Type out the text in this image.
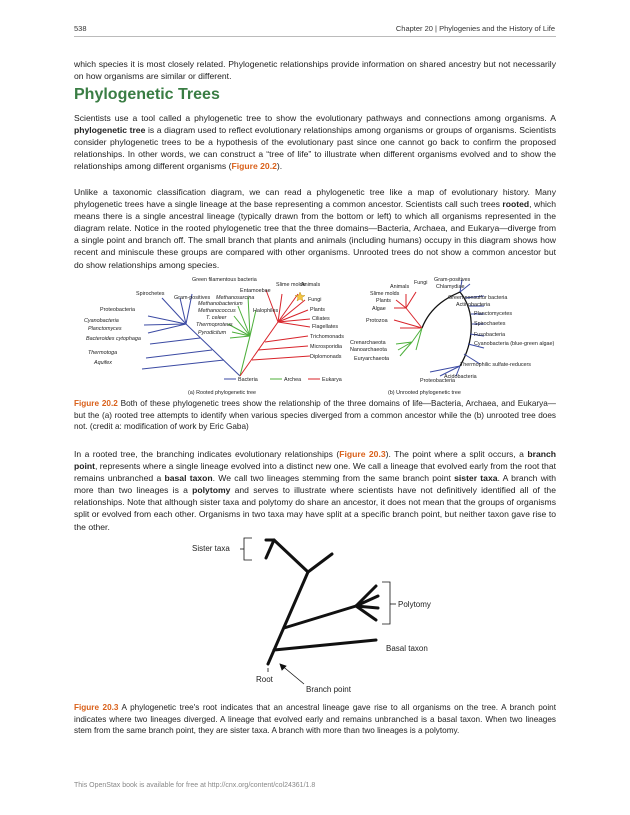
538	Chapter 20 | Phylogenies and the History of Life

which species it is most closely related. Phylogenetic relationships provide information on shared ancestry but not necessarily on how organisms are similar or different.

Phylogenetic Trees

Scientists use a tool called a phylogenetic tree to show the evolutionary pathways and connections among organisms. A phylogenetic tree is a diagram used to reflect evolutionary relationships among organisms or groups of organisms. Scientists consider phylogenetic trees to be a hypothesis of the evolutionary past since one cannot go back to confirm the proposed relationships. In other words, we can construct a “tree of life” to illustrate when different organisms evolved and to show the relationships among different organisms (Figure 20.2).

Unlike a taxonomic classification diagram, we can read a phylogenetic tree like a map of evolutionary history. Many phylogenetic trees have a single lineage at the base representing a common ancestor. Scientists call such trees rooted, which means there is a single ancestral lineage (typically drawn from the bottom or left) to which all organisms represented in the diagram relate. Notice in the rooted phylogenetic tree that the three domains—Bacteria, Archaea, and Eukarya—diverge from a single point and branch off. The small branch that plants and animals (including humans) occupy in this diagram shows how recent and miniscule these groups are compared with other organisms. Unrooted trees do not show a common ancestor but do show relationships among species.

Spirochetes
Green filamentous bacteria
Gram-positives
Proteobacteria
Cyanobacteria
Planctomyces
Bacteroides cytophaga
Thermotoga
Aquifex
Methanosarcina
Methanobacterium
Methanococcus
T. celeer
Thermoproteus
Pyrodicitum
Halophiles
Entamoebae
Slime molds
Animals
Fungi
Plants
Ciliates
Flagellates
Trichomonads
Microsporidia
Diplomonads
Bacteria	Archea	Eukarya
(a) Rooted phylogenetic tree
Animals
Fungi
Slime molds
Plants
Algae
Protozoa
Crenarchaeota
Nanoarchaeota
Euryarchaeota
Gram-positives
Chlamydiae
Green nonsulfur bacteria
Actinobacteria
Planctomycetes
Spirochaetes
Fusobacteria
Cyanobacteria (blue-green algae)
Thermophilic sulfate-reducers
Acidobacteria
Proteobacteria
(b) Unrooted phylogenetic tree

Figure 20.2 Both of these phylogenetic trees show the relationship of the three domains of life—Bacteria, Archaea, and Eukarya—but the (a) rooted tree attempts to identify when various species diverged from a common ancestor while the (b) unrooted tree does not. (credit a: modification of work by Eric Gaba)

In a rooted tree, the branching indicates evolutionary relationships (Figure 20.3). The point where a split occurs, a branch point, represents where a single lineage evolved into a distinct new one. We call a lineage that evolved early from the root that remains unbranched a basal taxon. We call two lineages stemming from the same branch point sister taxa. A branch with more than two lineages is a polytomy and serves to illustrate where scientists have not definitively identified all of the relationships. Note that although sister taxa and polytomy do share an ancestor, it does not mean that the groups of organisms split or evolved from each other. Organisms in two taxa may have split at a specific branch point, but neither taxon gave rise to the other.

Sister taxa
Polytomy
Basal taxon
Root
Branch point

Figure 20.3 A phylogenetic tree's root indicates that an ancestral lineage gave rise to all organisms on the tree. A branch point indicates where two lineages diverged. A lineage that evolved early and remains unbranched is a basal taxon. When two lineages stem from the same branch point, they are sister taxa. A branch with more than two lineages is a polytomy.

This OpenStax book is available for free at http://cnx.org/content/col24361/1.8
